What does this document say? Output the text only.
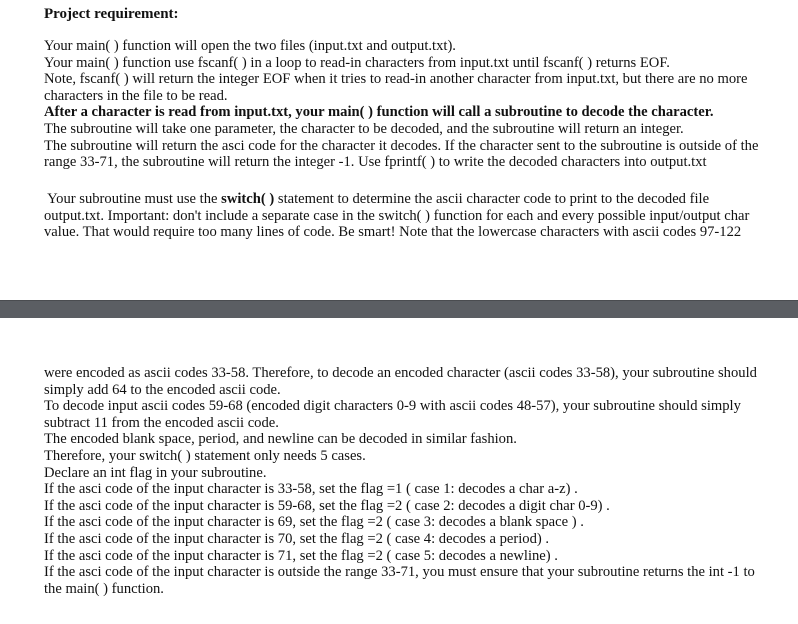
Project requirement:
Your main( ) function will open the two files (input.txt and output.txt).
Your main( ) function use fscanf( ) in a loop to read-in characters from input.txt until fscanf( ) returns EOF.
Note, fscanf( ) will return the integer EOF when it tries to read-in another character from input.txt, but there are no more
characters in the file to be read.
After a character is read from input.txt, your main( ) function will call a subroutine to decode the character.
The subroutine will take one parameter, the character to be decoded, and the subroutine will return an integer.
The subroutine will return the asci code for the character it decodes. If the character sent to the subroutine is outside of the
range 33-71, the subroutine will return the integer -1. Use fprintf( ) to write the decoded characters into output.txt
Your subroutine must use the switch( ) statement to determine the ascii character code to print to the decoded file
output.txt. Important: don't include a separate case in the switch( ) function for each and every possible input/output char
value. That would require too many lines of code. Be smart! Note that the lowercase characters with ascii codes 97-122
were encoded as ascii codes 33-58. Therefore, to decode an encoded character (ascii codes 33-58), your subroutine should
simply add 64 to the encoded ascii code.
To decode input ascii codes 59-68 (encoded digit characters 0-9 with ascii codes 48-57), your subroutine should simply
subtract 11 from the encoded ascii code.
The encoded blank space, period, and newline can be decoded in similar fashion.
Therefore, your switch( ) statement only needs 5 cases.
Declare an int flag in your subroutine.
If the asci code of the input character is 33-58, set the flag =1 ( case 1: decodes a char a-z) .
If the asci code of the input character is 59-68, set the flag =2 ( case 2: decodes a digit char 0-9) .
If the asci code of the input character is 69, set the flag =2 ( case 3: decodes a blank space ) .
If the asci code of the input character is 70, set the flag =2 ( case 4: decodes a period) .
If the asci code of the input character is 71, set the flag =2 ( case 5: decodes a newline) .
If the asci code of the input character is outside the range 33-71, you must ensure that your subroutine returns the int -1 to
the main( ) function.
